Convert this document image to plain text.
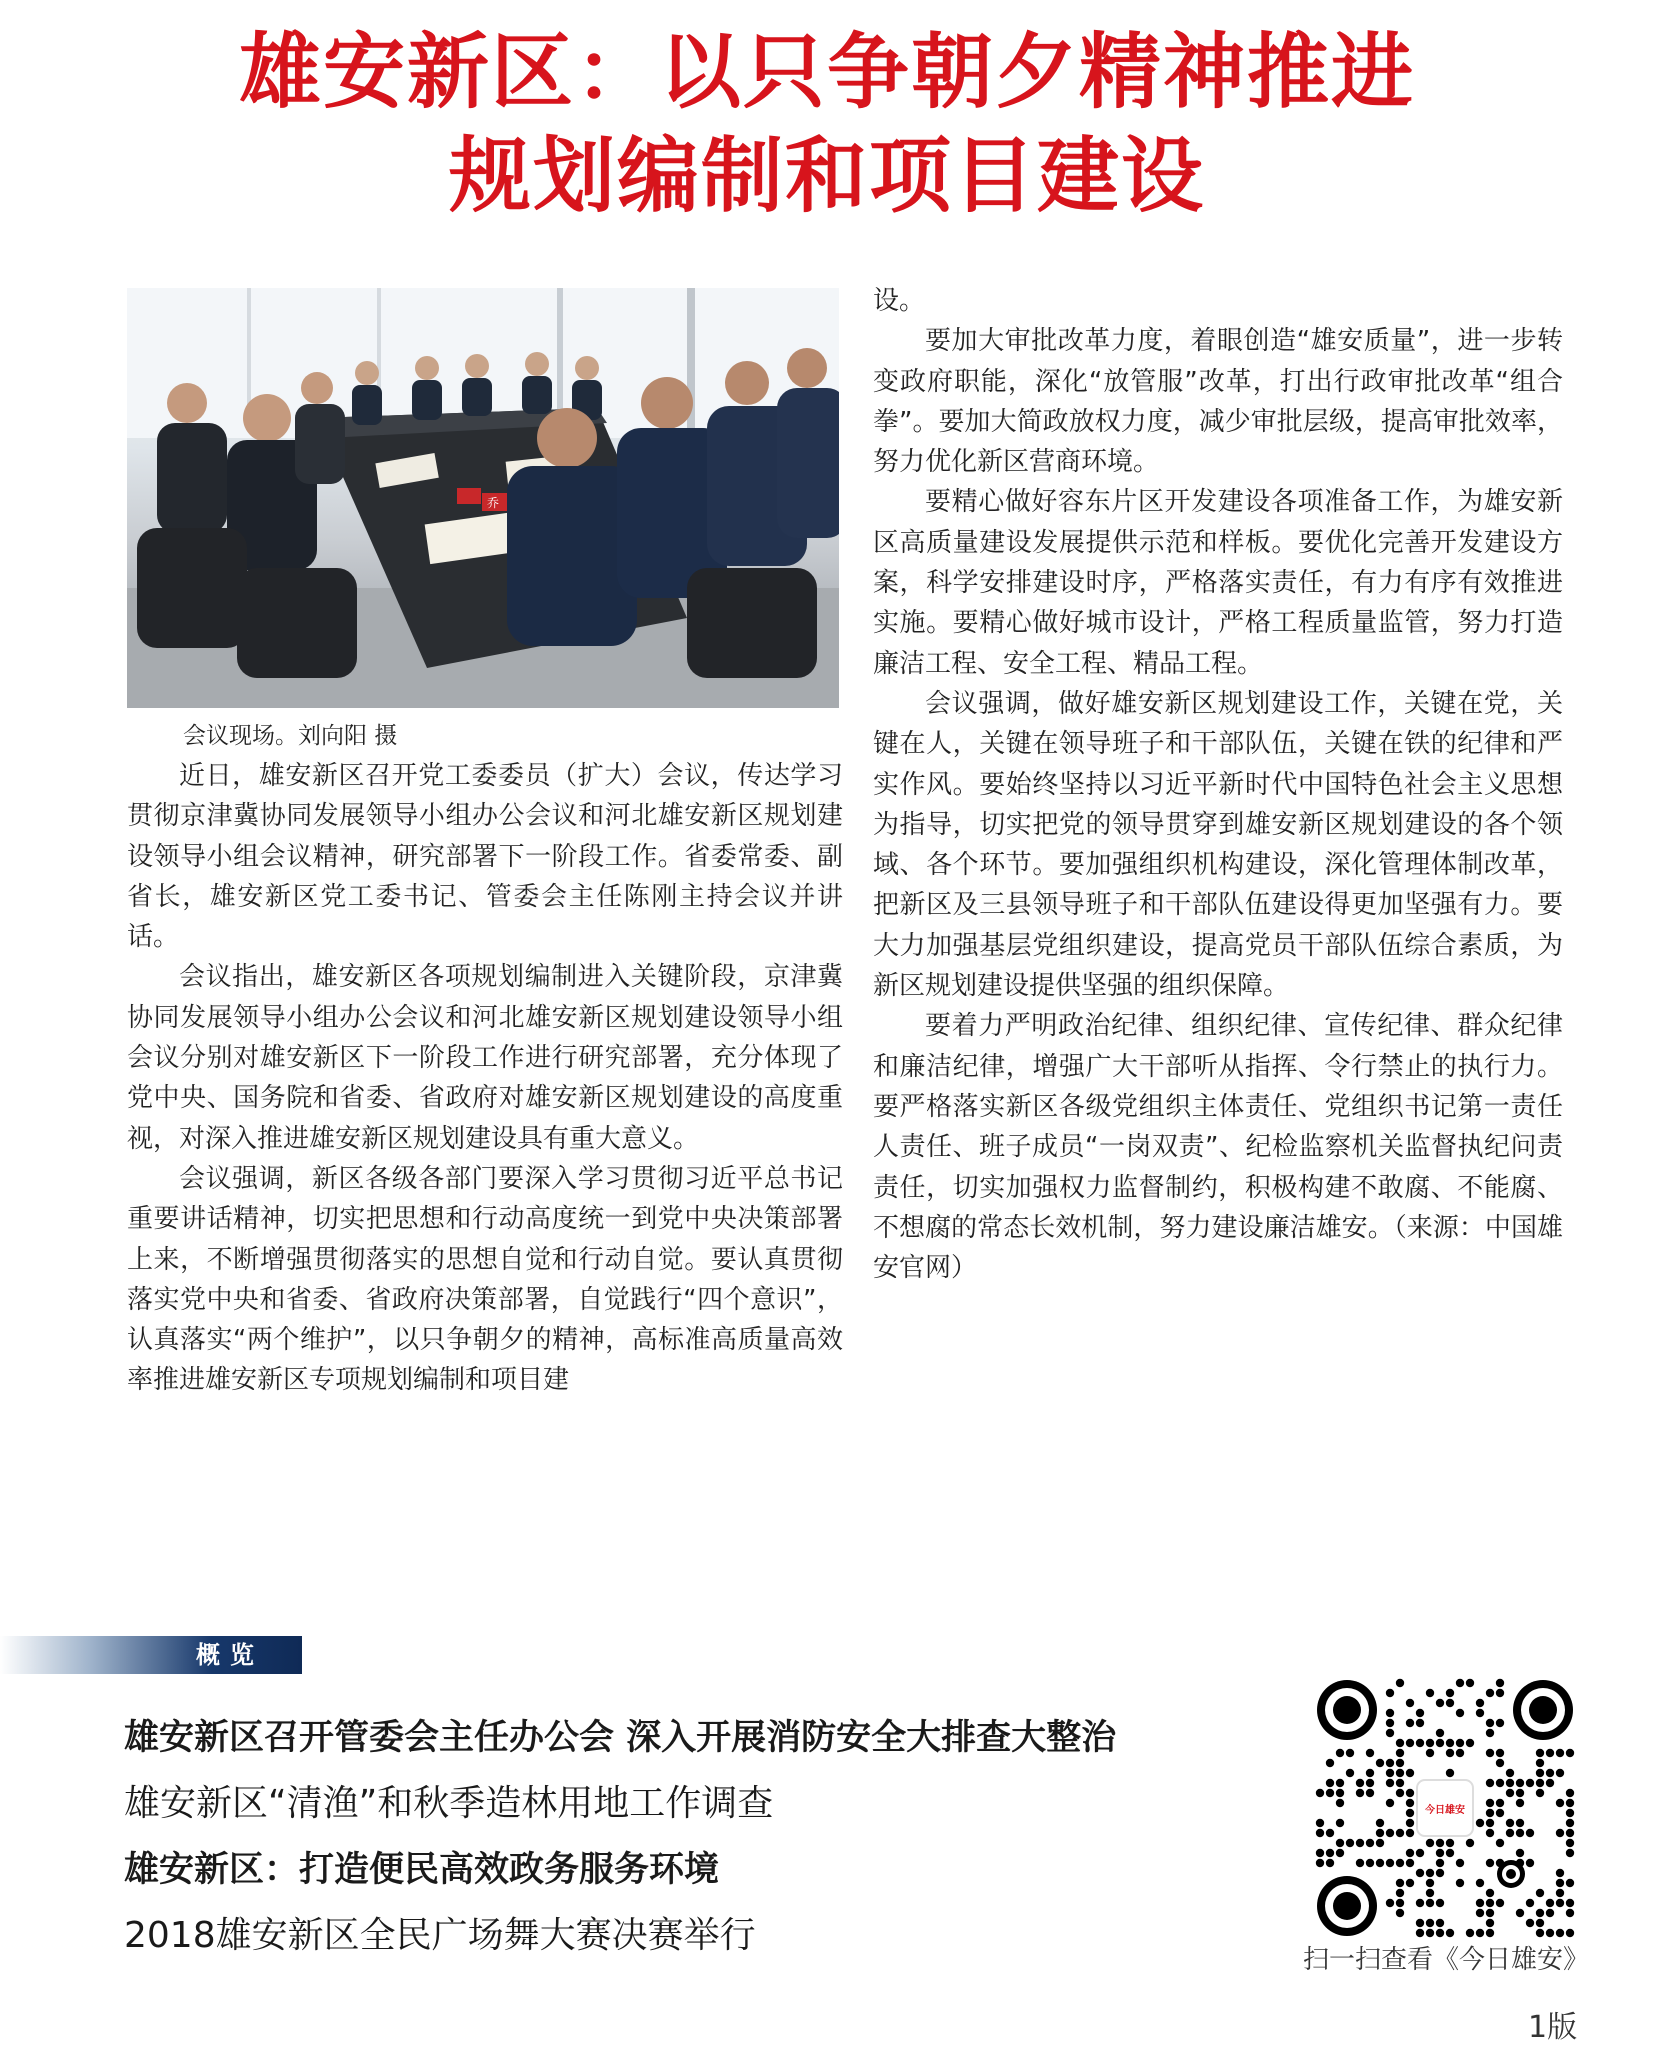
雄安新区：以只争朝夕精神推进
规划编制和项目建设
乔
会议现场。刘向阳 摄

近日，雄安新区召开党工委委员（扩大）会议，传达学习贯彻京津冀协同发展领导小组办公会议和河北雄安新区规划建设领导小组会议精神，研究部署下一阶段工作。省委常委、副省长，雄安新区党工委书记、管委会主任陈刚主持会议并讲话。

会议指出，雄安新区各项规划编制进入关键阶段，京津冀协同发展领导小组办公会议和河北雄安新区规划建设领导小组会议分别对雄安新区下一阶段工作进行研究部署，充分体现了党中央、国务院和省委、省政府对雄安新区规划建设的高度重视，对深入推进雄安新区规划建设具有重大意义。

会议强调，新区各级各部门要深入学习贯彻习近平总书记重要讲话精神，切实把思想和行动高度统一到党中央决策部署上来，不断增强贯彻落实的思想自觉和行动自觉。要认真贯彻落实党中央和省委、省政府决策部署，自觉践行“四个意识”，认真落实“两个维护”，以只争朝夕的精神，高标准高质量高效率推进雄安新区专项规划编制和项目建

设。

要加大审批改革力度，着眼创造“雄安质量”，进一步转变政府职能，深化“放管服”改革，打出行政审批改革“组合拳”。要加大简政放权力度，减少审批层级，提高审批效率，努力优化新区营商环境。

要精心做好容东片区开发建设各项准备工作，为雄安新区高质量建设发展提供示范和样板。要优化完善开发建设方案，科学安排建设时序，严格落实责任，有力有序有效推进实施。要精心做好城市设计，严格工程质量监管，努力打造廉洁工程、安全工程、精品工程。

会议强调，做好雄安新区规划建设工作，关键在党，关键在人，关键在领导班子和干部队伍，关键在铁的纪律和严实作风。要始终坚持以习近平新时代中国特色社会主义思想为指导，切实把党的领导贯穿到雄安新区规划建设的各个领域、各个环节。要加强组织机构建设，深化管理体制改革，把新区及三县领导班子和干部队伍建设得更加坚强有力。要大力加强基层党组织建设，提高党员干部队伍综合素质，为新区规划建设提供坚强的组织保障。

要着力严明政治纪律、组织纪律、宣传纪律、群众纪律和廉洁纪律，增强广大干部听从指挥、令行禁止的执行力。要严格落实新区各级党组织主体责任、党组织书记第一责任人责任、班子成员“一岗双责”、纪检监察机关监督执纪问责责任，切实加强权力监督制约，积极构建不敢腐、不能腐、不想腐的常态长效机制，努力建设廉洁雄安。（来源：中国雄安官网）

概览
雄安新区召开管委会主任办公会 深入开展消防安全大排查大整治
雄安新区“清渔”和秋季造林用地工作调查
雄安新区：打造便民高效政务服务环境
2018雄安新区全民广场舞大赛决赛举行
今日雄安
扫一扫查看《今日雄安》
1版
